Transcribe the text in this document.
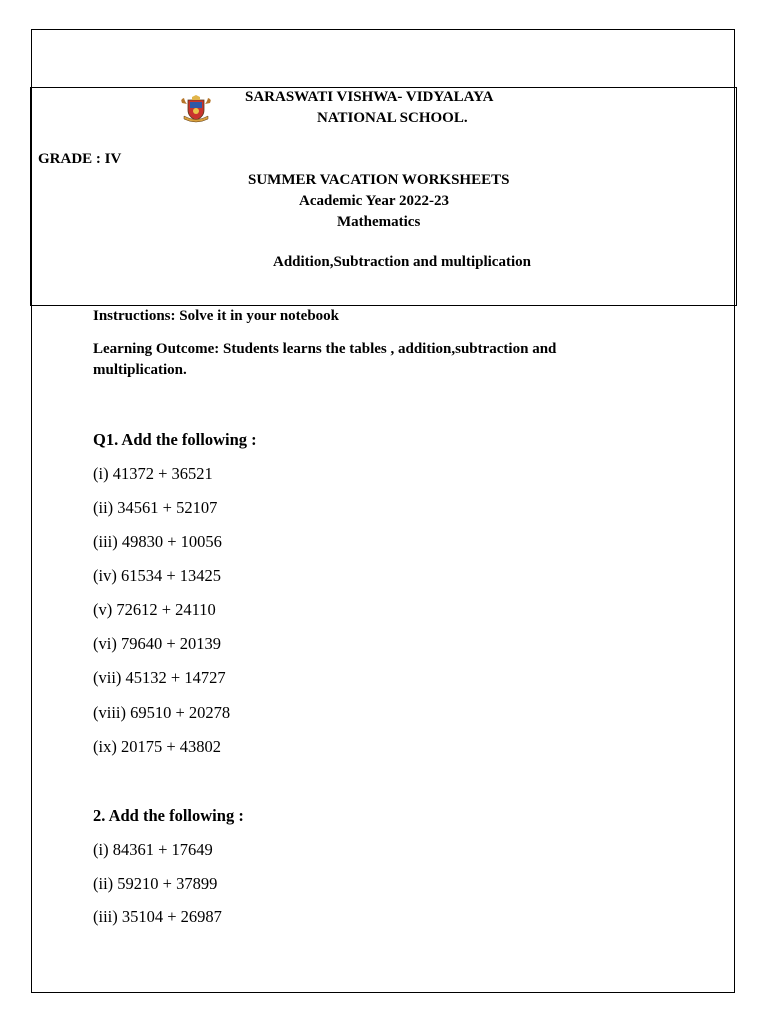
SARASWATI VISHWA- VIDYALAYA
NATIONAL SCHOOL.
GRADE : IV
SUMMER VACATION WORKSHEETS
Academic Year 2022-23
Mathematics
Addition,Subtraction and multiplication
Instructions: Solve it in your notebook
Learning Outcome: Students learns the tables , addition,subtraction and
multiplication.
Q1. Add the following :
(i) 41372 + 36521
(ii) 34561 + 52107
(iii) 49830 + 10056
(iv) 61534 + 13425
(v) 72612 + 24110
(vi) 79640 + 20139
(vii) 45132 + 14727
(viii) 69510 + 20278
(ix) 20175 + 43802
2. Add the following :
(i) 84361 + 17649
(ii) 59210 + 37899
(iii) 35104 + 26987
